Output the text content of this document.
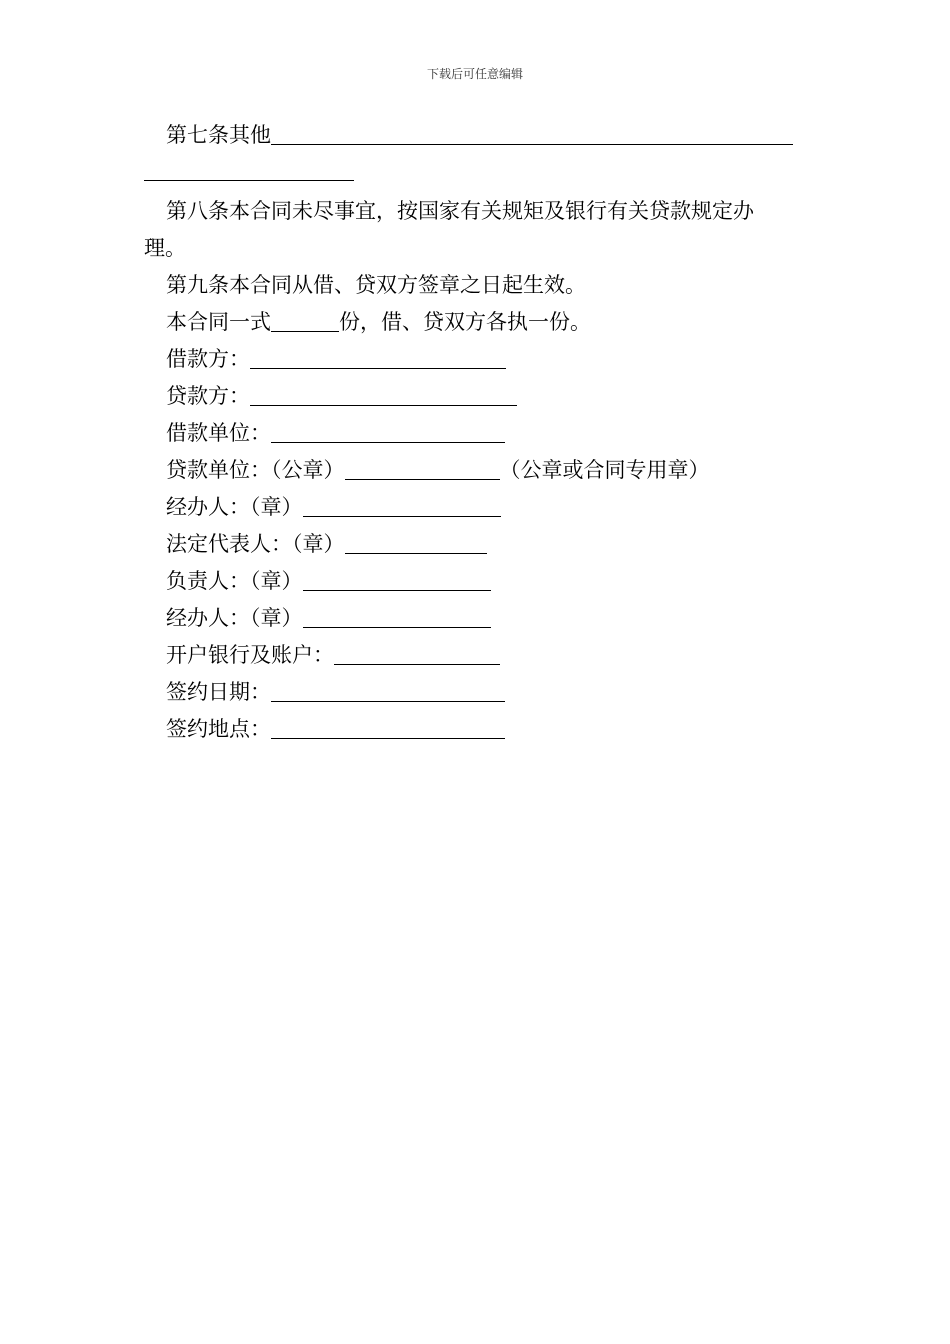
下载后可任意编辑
第七条其他
第八条本合同未尽事宜，按国家有关规矩及银行有关贷款规定办
理。
第九条本合同从借、贷双方签章之日起生效。
本合同一式	份，借、贷双方各执一份。
借款方：
贷款方：
借款单位：
贷款单位：（公章）	（公章或合同专用章）
经办人：（章）
法定代表人：（章）
负责人：（章）
经办人：（章）
开户银行及账户：
签约日期：
签约地点：
